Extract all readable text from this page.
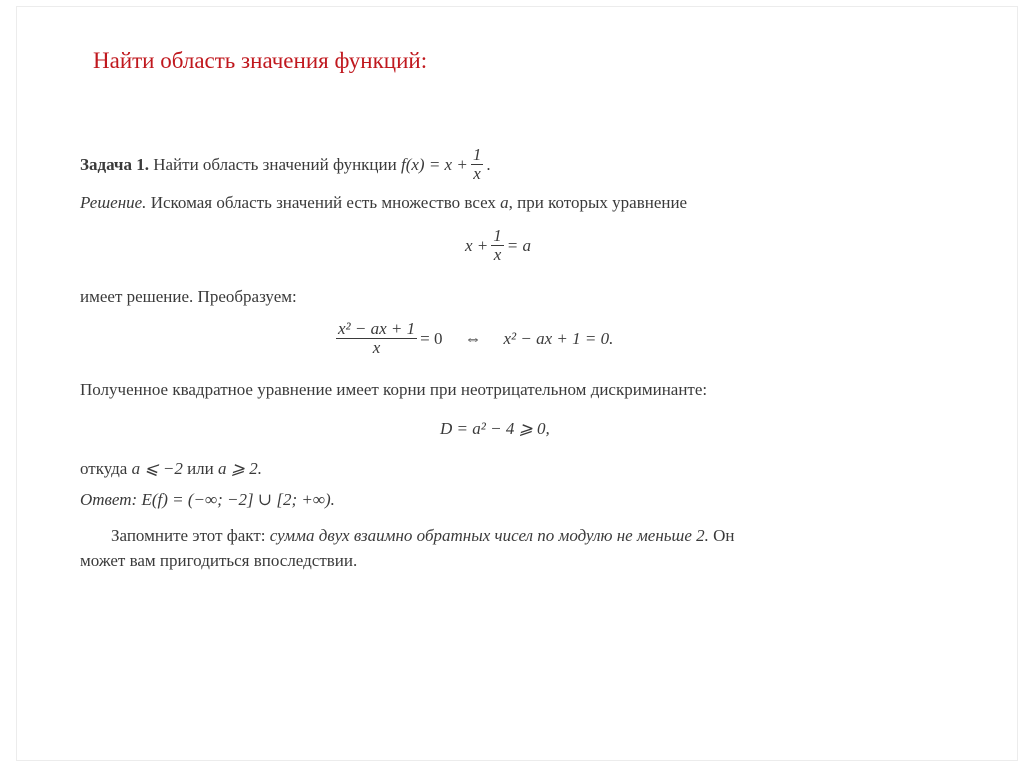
Найти область значения функций:
Задача 1.
Найти область значений функции
$f(x) = x + \frac{1}{x}$ .
Решение. Искомая область значений есть множество всех a, при которых уравнение
$x + \frac{1}{x} = a$
имеет решение. Преобразуем:
$\frac{\text{x² − ax + 1}}{x} = 0$ ⇔ x² − ax + 1 = 0.
Полученное квадратное уравнение имеет корни при неотрицательном дискриминанте:
D = a² − 4 ⩾ 0,
откуда a ⩽ −2 или a ⩾ 2.
Ответ: E(f) = (−∞; −2] ∪ [2; +∞).
Запомните этот факт: сумма двух взаимно обратных чисел по модулю не меньше 2. Он
может вам пригодиться впоследствии.
